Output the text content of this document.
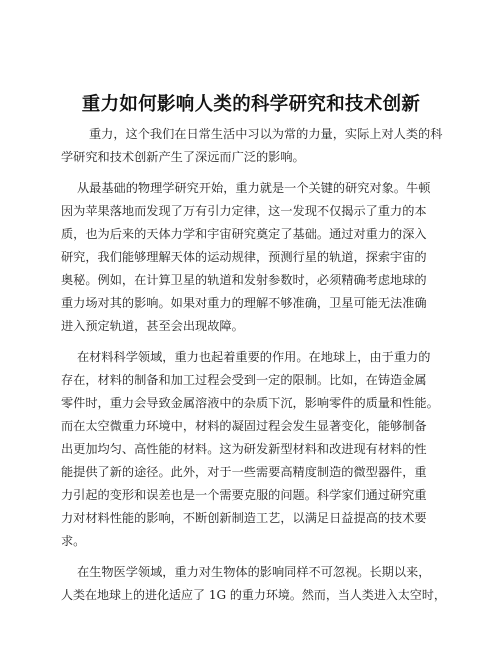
重力如何影响人类的科学研究和技术创新
重力，这个我们在日常生活中习以为常的力量，实际上对人类的科
学研究和技术创新产生了深远而广泛的影响。
从最基础的物理学研究开始，重力就是一个关键的研究对象。牛顿
因为苹果落地而发现了万有引力定律，这一发现不仅揭示了重力的本
质，也为后来的天体力学和宇宙研究奠定了基础。通过对重力的深入
研究，我们能够理解天体的运动规律，预测行星的轨道，探索宇宙的
奥秘。例如，在计算卫星的轨道和发射参数时，必须精确考虑地球的
重力场对其的影响。如果对重力的理解不够准确，卫星可能无法准确
进入预定轨道，甚至会出现故障。
在材料科学领域，重力也起着重要的作用。在地球上，由于重力的
存在，材料的制备和加工过程会受到一定的限制。比如，在铸造金属
零件时，重力会导致金属溶液中的杂质下沉，影响零件的质量和性能。
而在太空微重力环境中，材料的凝固过程会发生显著变化，能够制备
出更加均匀、高性能的材料。这为研发新型材料和改进现有材料的性
能提供了新的途径。此外，对于一些需要高精度制造的微型器件，重
力引起的变形和误差也是一个需要克服的问题。科学家们通过研究重
力对材料性能的影响，不断创新制造工艺，以满足日益提高的技术要
求。
在生物医学领域，重力对生物体的影响同样不可忽视。长期以来，
人类在地球上的进化适应了 1G 的重力环境。然而，当人类进入太空时，
